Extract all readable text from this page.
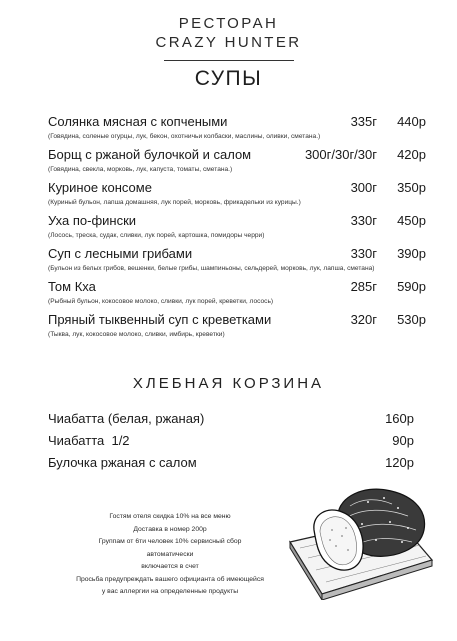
РЕСТОРАН
CRAZY HUNTER
СУПЫ
Солянка мясная с копчеными	335г 440р
(Говядина, соленые огурцы, лук, бекон, охотничьи колбаски, маслины, оливки, сметана.)
Борщ с ржаной булочкой и салом	300г/30г/30г 420р
(Говядина, свекла, морковь, лук, капуста, томаты, сметана.)
Куриное консоме	300г 350р
(Куриный бульон, лапша домашняя, лук порей, морковь, фрикадельки из курицы.)
Уха по-фински	330г 450р
(Лосось, треска, судак, сливки, лук порей, картошка, помидоры черри)
Суп с лесными грибами	330г 390р
(Бульон из белых грибов, вешенки, белые грибы, шампиньоны, сельдерей, морковь, лук, лапша, сметана)
Том Кха	285г 590р
(Рыбный бульон, кокосовое молоко, сливки, лук порей, креветки, лосось)
Пряный тыквенный суп с креветками	320г 530р
(Тыква, лук, кокосовое молоко, сливки, имбирь, креветки)
ХЛЕБНАЯ КОРЗИНА
Чиабатта (белая, ржаная)	160р
Чиабатта  1/2	90р
Булочка ржаная с салом	120р
Гостям отеля скидка 10% на все меню
Доставка в номер 200р
Группам от 6ти человек 10% сервисный сбор
автоматически
включается в счет
Просьба предупреждать вашего официанта об имеющейся
у вас аллергии на определенные продукты
